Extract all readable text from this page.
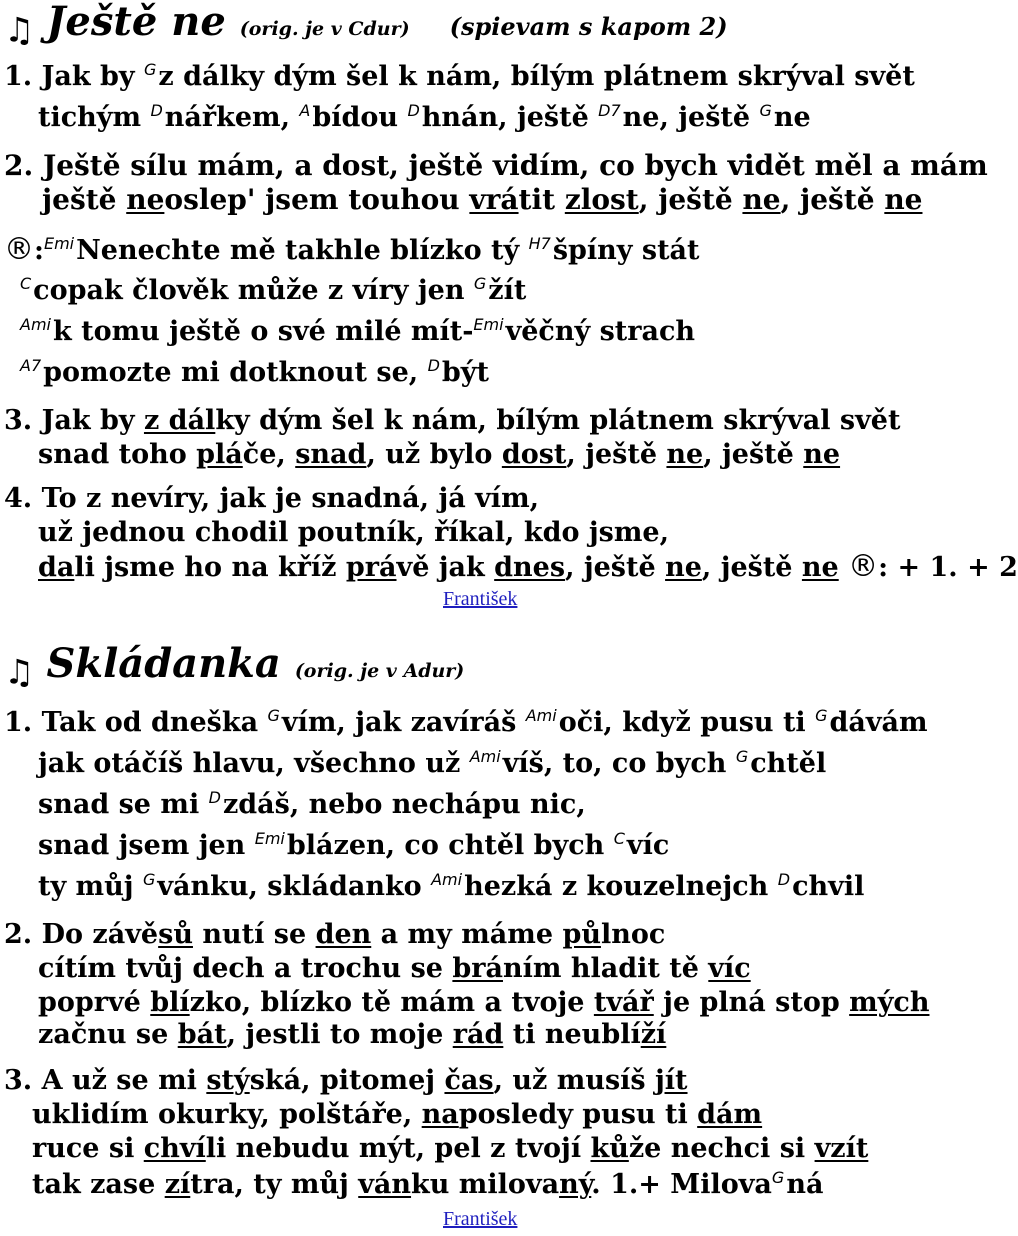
♫ Ještě ne (orig. je v Cdur) (spievam s kapom 2)
1. Jak by $^G$z dálky dým šel k nám, bílým plátnem skrýval svět
tichým $^D$nářkem, $^A$bídou $^D$hnán, ještě $^{D7}$ne, ještě $^G$ne
2. Ještě sílu mám, a dost, ještě vidím, co bych vidět měl a mám
ještě neoslep' jsem touhou vrátit zlost, ještě ne, ještě ne
®:$^{Emi}$Nenechte mě takhle blízko tý $^{H7}$špíny stát
$^C$copak člověk může z víry jen $^G$žít
$^{Ami}$k tomu ještě o své milé mít-$^{Emi}$věčný strach
$^{A7}$pomozte mi dotknout se, $^D$být
3. Jak by z dálky dým šel k nám, bílým plátnem skrýval svět
snad toho pláče, snad, už bylo dost, ještě ne, ještě ne
4. To z nevíry, jak je snadná, já vím,
už jednou chodil poutník, říkal, kdo jsme,
dali jsme ho na kříž právě jak dnes, ještě ne, ještě ne ®: + 1. + 2
František
♫ Skládanka (orig. je v Adur)
1. Tak od dneška $^G$vím, jak zavíráš $^{Ami}$oči, když pusu ti $^G$dávám
jak otáčíš hlavu, všechno už $^{Ami}$víš, to, co bych $^G$chtěl
snad se mi $^D$zdáš, nebo nechápu nic,
snad jsem jen $^{Emi}$blázen, co chtěl bych $^C$víc
ty můj $^G$vánku, skládanko $^{Ami}$hezká z kouzelnejch $^D$chvil
2. Do závěsů nutí se den a my máme půlnoc
cítím tvůj dech a trochu se bráním hladit tě víc
poprvé blízko, blízko tě mám a tvoje tvář je plná stop mých
začnu se bát, jestli to moje rád ti neublíží
3. A už se mi stýská, pitomej čas, už musíš jít
uklidím okurky, polštáře, naposledy pusu ti dám
ruce si chvíli nebudu mýt, pel z tvojí kůže nechci si vzít
tak zase zítra, ty můj vánku milovaný. 1.+ Milova$^G$ná
František
